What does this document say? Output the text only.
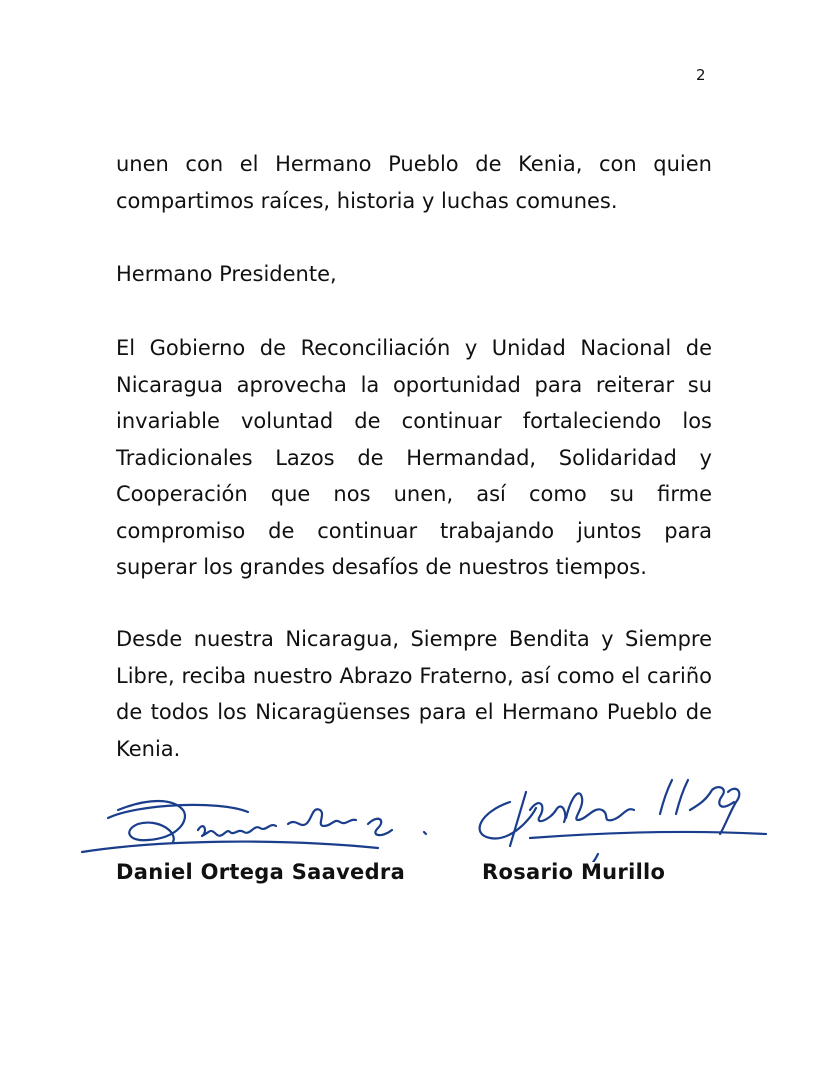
2

unen con el Hermano Pueblo de Kenia, con quien compartimos raíces, historia y luchas comunes.

Hermano Presidente,

El Gobierno de Reconciliación y Unidad Nacional de Nicaragua aprovecha la oportunidad para reiterar su invariable voluntad de continuar fortaleciendo los Tradicionales Lazos de Hermandad, Solidaridad y Cooperación que nos unen, así como su firme compromiso de continuar trabajando juntos para superar los grandes desafíos de nuestros tiempos.

Desde nuestra Nicaragua, Siempre Bendita y Siempre Libre, reciba nuestro Abrazo Fraterno, así como el cariño de todos los Nicaragüenses para el Hermano Pueblo de Kenia.

Daniel Ortega Saavedra	Rosario Murillo
